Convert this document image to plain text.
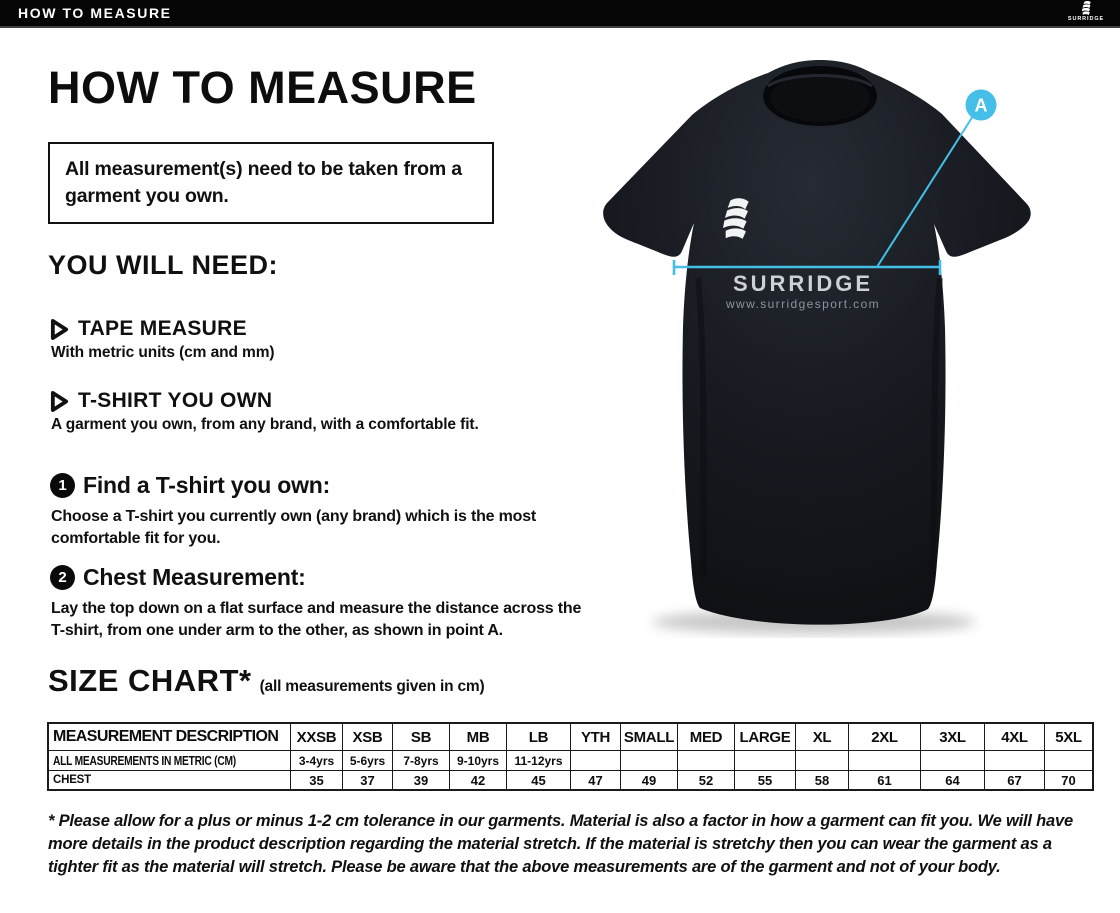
HOW TO MEASURE	SURRIDGE
HOW TO MEASURE
All measurement(s) need to be taken from a garment you own.
YOU WILL NEED:
TAPE MEASURE
With metric units (cm and mm)
T-SHIRT YOU OWN
A garment you own, from any brand, with a comfortable fit.
1 Find a T-shirt you own:
Choose a T-shirt you currently own (any brand) which is the most comfortable fit for you.
2 Chest Measurement:
Lay the top down on a flat surface and measure the distance across the T-shirt, from one under arm to the other, as shown in point A.
SIZE CHART* (all measurements given in cm)
MEASUREMENT DESCRIPTION	XXSB	XSB	SB	MB	LB	YTH	SMALL	MED	LARGE	XL	2XL	3XL	4XL	5XL
ALL MEASUREMENTS IN METRIC (CM)	3-4yrs	5-6yrs	7-8yrs	9-10yrs	11-12yrs									
CHEST	35	37	39	42	45	47	49	52	55	58	61	64	67	70
* Please allow for a plus or minus 1-2 cm tolerance in our garments. Material is also a factor in how a garment can fit you. We will have more details in the product description regarding the material stretch. If the material is stretchy then you can wear the garment as a tighter fit as the material will stretch. Please be aware that the above measurements are of the garment and not of your body.
A
SURRIDGE
www.surridgesport.com
